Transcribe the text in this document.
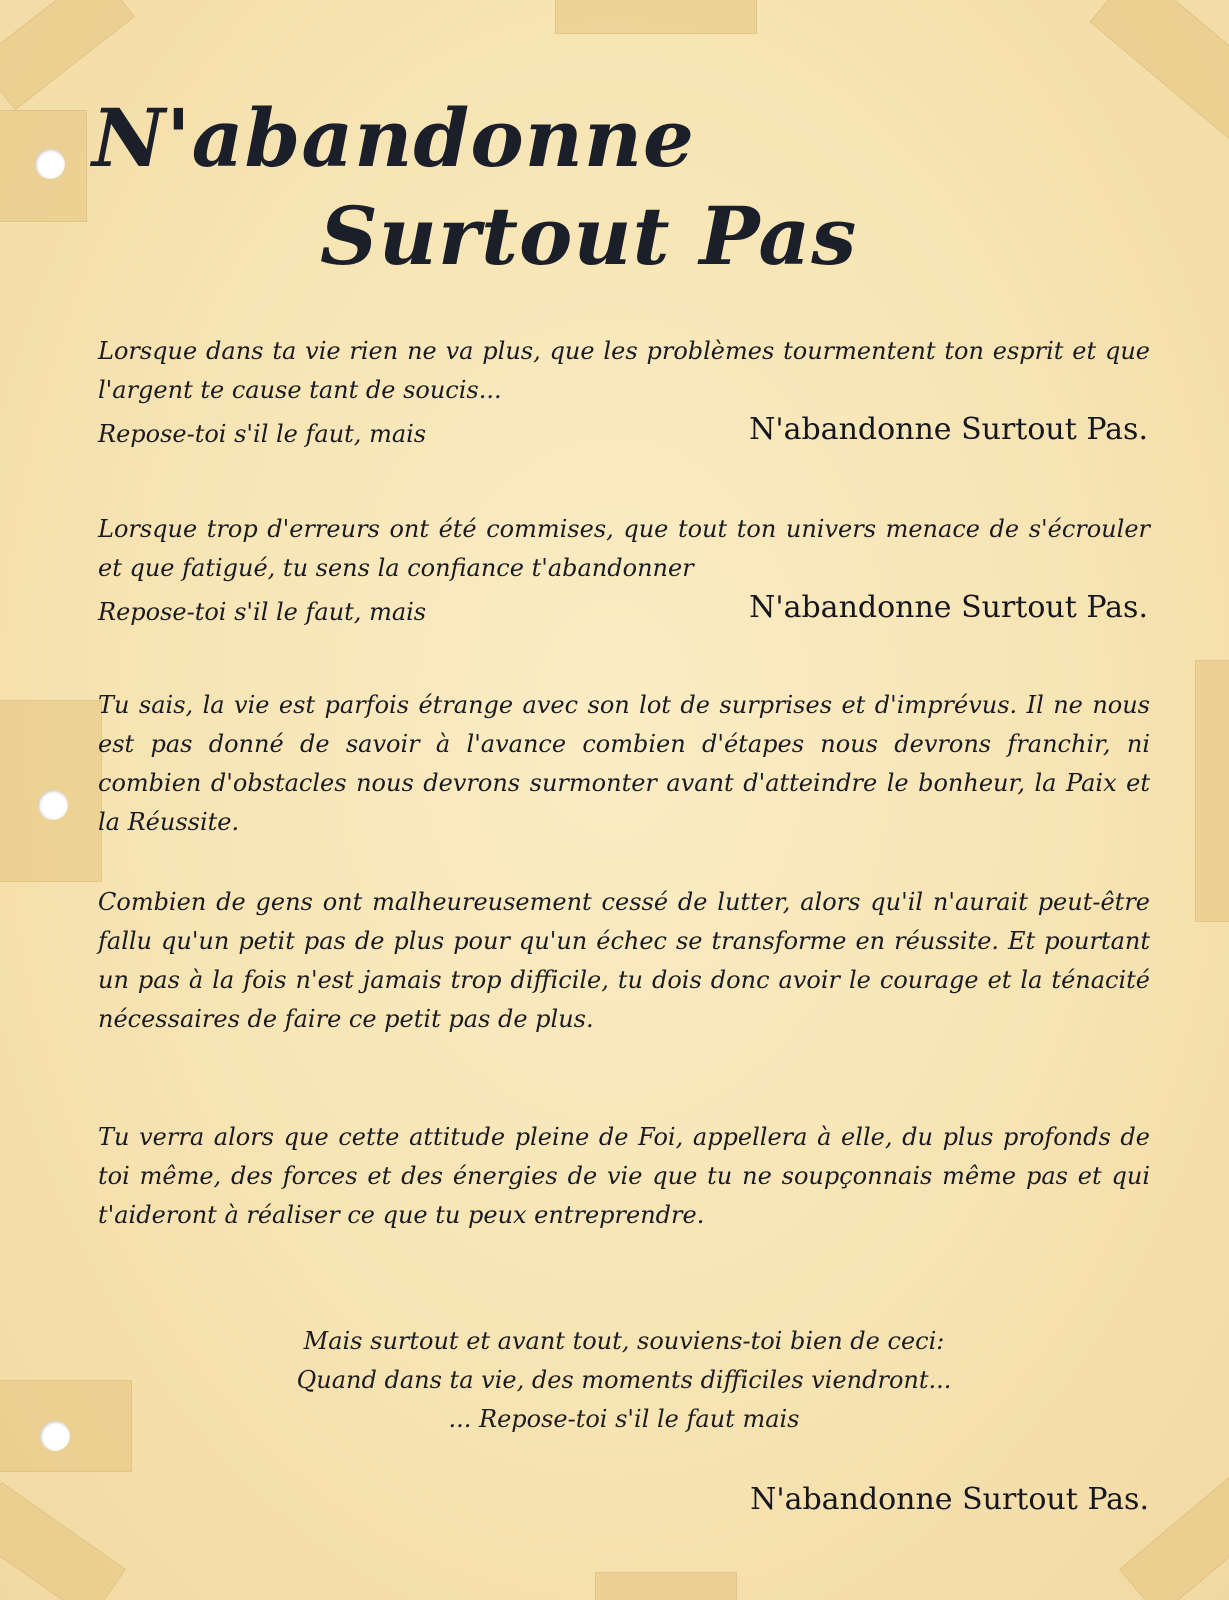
N'abandonne
Surtout Pas

Lorsque dans ta vie rien ne va plus, que les problèmes tourmentent ton esprit et que l'argent te cause tant de soucis...

Repose-toi s'il le faut, mais	N'abandonne Surtout Pas.

Lorsque trop d'erreurs ont été commises, que tout ton univers menace de s'écrouler et que fatigué, tu sens la confiance t'abandonner

Repose-toi s'il le faut, mais	N'abandonne Surtout Pas.

Tu sais, la vie est parfois étrange avec son lot de surprises et d'imprévus. Il ne nous est pas donné de savoir à l'avance combien d'étapes nous devrons franchir, ni combien d'obstacles nous devrons surmonter avant d'atteindre le bonheur, la Paix et la Réussite.

Combien de gens ont malheureusement cessé de lutter, alors qu'il n'aurait peut-être fallu qu'un petit pas de plus pour qu'un échec se transforme en réussite. Et pourtant un pas à la fois n'est jamais trop difficile, tu dois donc avoir le courage et la ténacité nécessaires de faire ce petit pas de plus.

Tu verra alors que cette attitude pleine de Foi, appellera à elle, du plus profonds de toi même, des forces et des énergies de vie que tu ne soupçonnais même pas et qui t'aideront à réaliser ce que tu peux entreprendre.

Mais surtout et avant tout, souviens-toi bien de ceci:

Quand dans ta vie, des moments difficiles viendront...

... Repose-toi s'il le faut mais

N'abandonne Surtout Pas.
